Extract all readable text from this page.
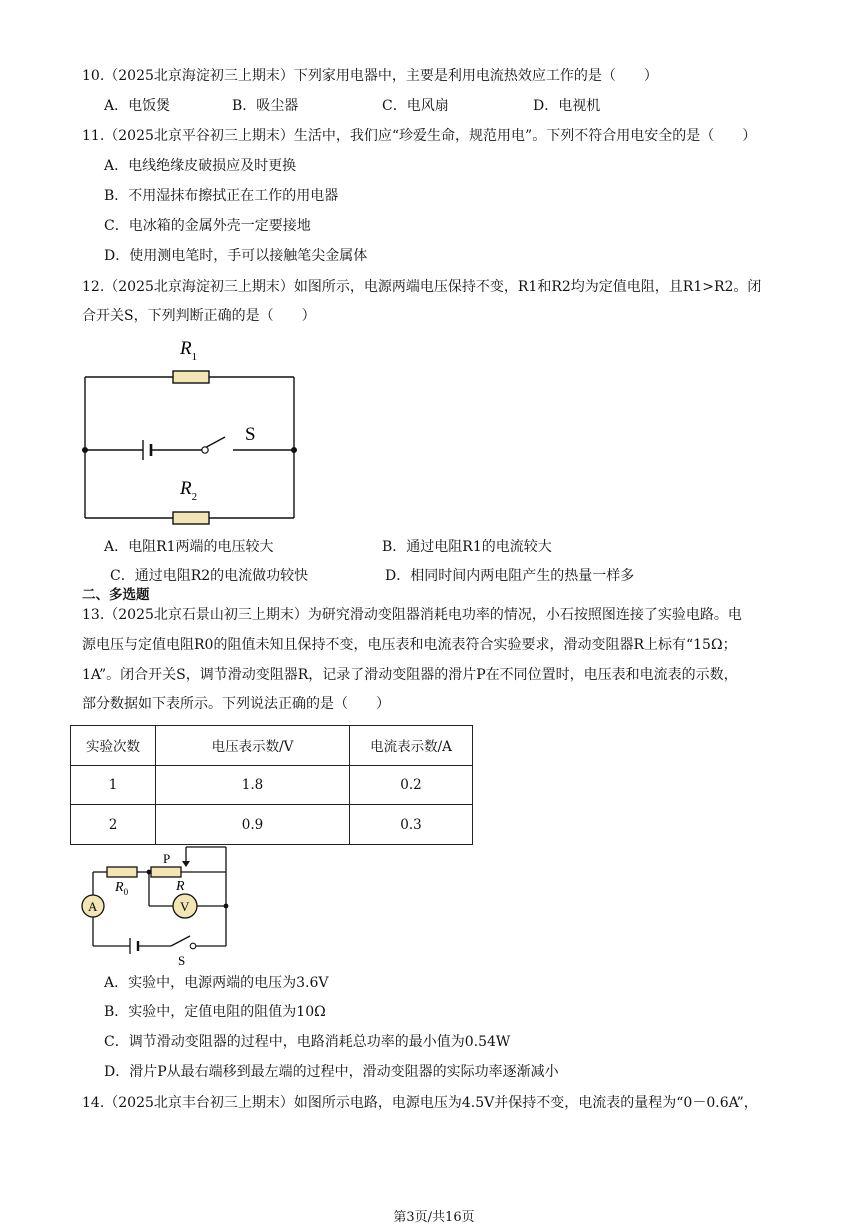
10.（2025北京海淀初三上期末）下列家用电器中，主要是利用电流热效应工作的是（　　）
A．电饭煲	B．吸尘器	C．电风扇	D．电视机
11.（2025北京平谷初三上期末）生活中，我们应“珍爱生命，规范用电”。下列不符合用电安全的是（　　）
A．电线绝缘皮破损应及时更换
B．不用湿抹布擦拭正在工作的用电器
C．电冰箱的金属外壳一定要接地
D．使用测电笔时，手可以接触笔尖金属体
12.（2025北京海淀初三上期末）如图所示，电源两端电压保持不变，R1和R2均为定值电阻，且R1>R2。闭
合开关S，下列判断正确的是（　　）
$R_1$
$R_2$
S
A．电阻R1两端的电压较大	B．通过电阻R1的电流较大
C．通过电阻R2的电流做功较快	D．相同时间内两电阻产生的热量一样多
二、多选题
13.（2025北京石景山初三上期末）为研究滑动变阻器消耗电功率的情况，小石按照图连接了实验电路。电
源电压与定值电阻R0的阻值未知且保持不变，电压表和电流表符合实验要求，滑动变阻器R上标有“15Ω；
1A”。闭合开关S，调节滑动变阻器R，记录了滑动变阻器的滑片P在不同位置时，电压表和电流表的示数，
部分数据如下表所示。下列说法正确的是（　　）
实验次数	电压表示数/V	电流表示数/A
1	1.8	0.2
2	0.9	0.3
A	V
P
$R_0$	R
S
A．实验中，电源两端的电压为3.6V
B．实验中，定值电阻的阻值为10Ω
C．调节滑动变阻器的过程中，电路消耗总功率的最小值为0.54W
D．滑片P从最右端移到最左端的过程中，滑动变阻器的实际功率逐渐减小
14.（2025北京丰台初三上期末）如图所示电路，电源电压为4.5V并保持不变，电流表的量程为“0－0.6A”，
第3页/共16页
